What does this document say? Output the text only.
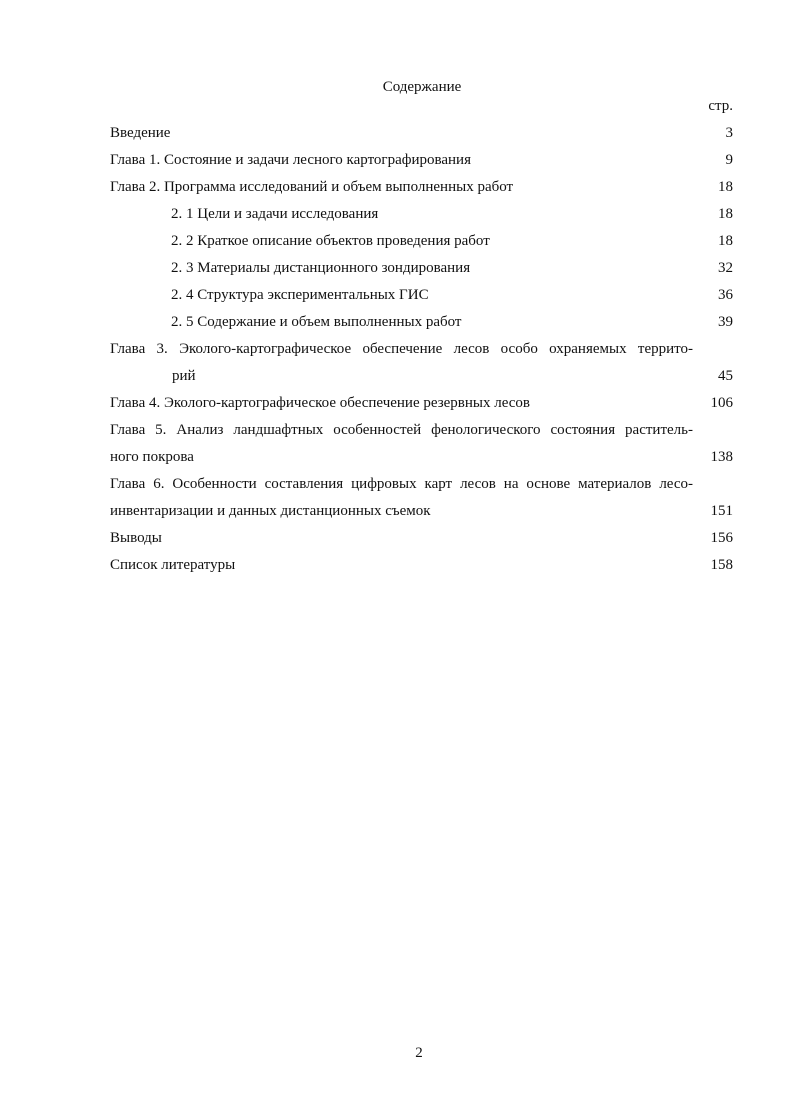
Содержание
стр.
Введение	3
Глава 1. Состояние и задачи лесного картографирования	9
Глава 2. Программа исследований и объем выполненных работ	18
2. 1 Цели и задачи исследования	18
2. 2 Краткое описание объектов проведения работ	18
2. 3 Материалы дистанционного зондирования	32
2. 4 Структура экспериментальных ГИС	36
2. 5 Содержание и объем выполненных работ	39
Глава 3. Эколого-картографическое обеспечение лесов особо охраняемых террито-
рий	45
Глава 4. Эколого-картографическое обеспечение резервных лесов	106
Глава 5. Анализ ландшафтных особенностей фенологического состояния раститель-
ного покрова	138
Глава 6. Особенности составления цифровых карт лесов на основе материалов лесо-
инвентаризации и данных дистанционных съемок	151
Выводы	156
Список литературы	158
2
